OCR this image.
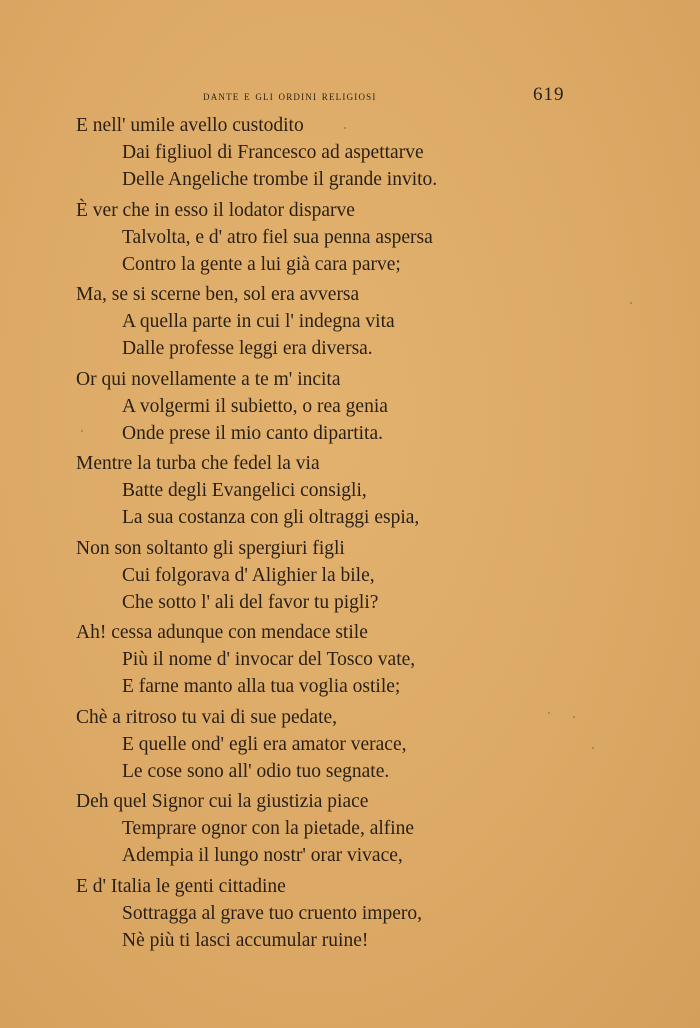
dante e gli ordini religiosi	619
E nell' umile avello custodito
Dai figliuol di Francesco ad aspettarve
Delle Angeliche trombe il grande invito.
È ver che in esso il lodator disparve
Talvolta, e d' atro fiel sua penna aspersa
Contro la gente a lui già cara parve;
Ma, se si scerne ben, sol era avversa
A quella parte in cui l' indegna vita
Dalle professe leggi era diversa.
Or qui novellamente a te m' incita
A volgermi il subietto, o rea genia
Onde prese il mio canto dipartita.
Mentre la turba che fedel la via
Batte degli Evangelici consigli,
La sua costanza con gli oltraggi espia,
Non son soltanto gli spergiuri figli
Cui folgorava d' Alighier la bile,
Che sotto l' ali del favor tu pigli?
Ah! cessa adunque con mendace stile
Più il nome d' invocar del Tosco vate,
E farne manto alla tua voglia ostile;
Chè a ritroso tu vai di sue pedate,
E quelle ond' egli era amator verace,
Le cose sono all' odio tuo segnate.
Deh quel Signor cui la giustizia piace
Temprare ognor con la pietade, alfine
Adempia il lungo nostr' orar vivace,
E d' Italia le genti cittadine
Sottragga al grave tuo cruento impero,
Nè più ti lasci accumular ruine!
